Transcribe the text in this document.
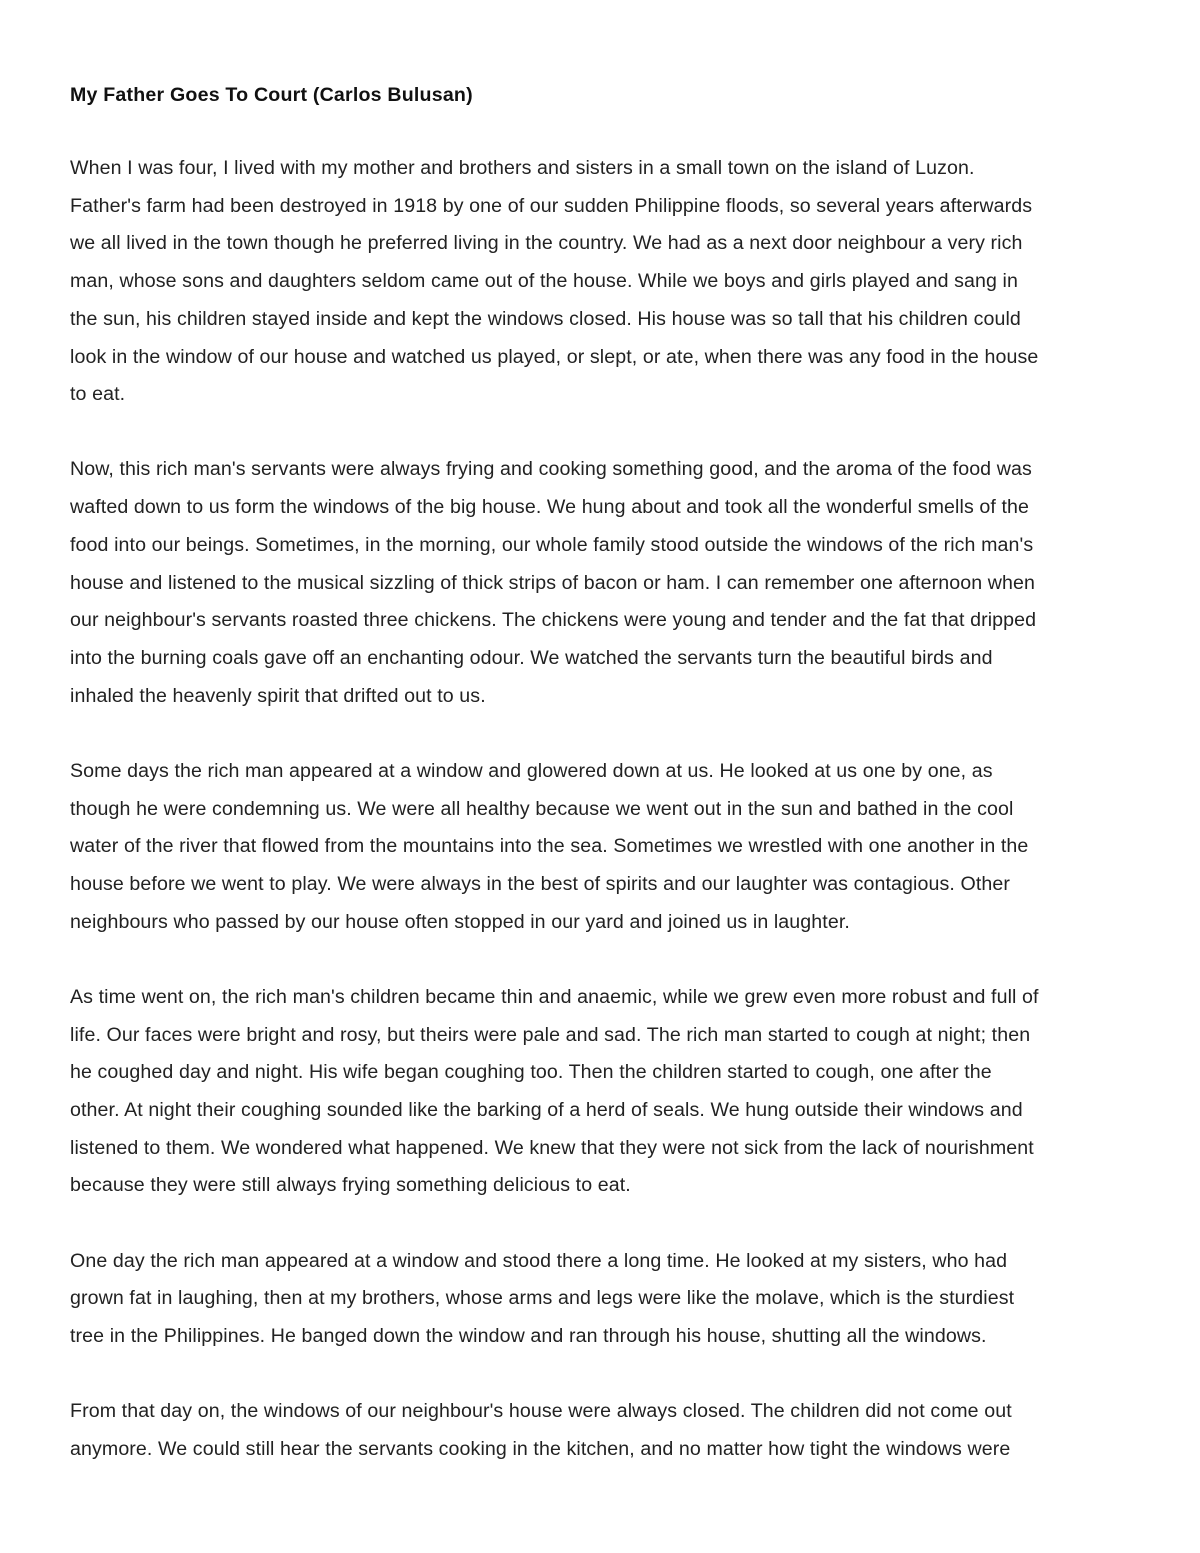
My Father Goes To Court (Carlos Bulusan)
When I was four, I lived with my mother and brothers and sisters in a small town on the island of Luzon.
Father's farm had been destroyed in 1918 by one of our sudden Philippine floods, so several years afterwards
we all lived in the town though he preferred living in the country. We had as a next door neighbour a very rich
man, whose sons and daughters seldom came out of the house. While we boys and girls played and sang in
the sun, his children stayed inside and kept the windows closed. His house was so tall that his children could
look in the window of our house and watched us played, or slept, or ate, when there was any food in the house
to eat.
Now, this rich man's servants were always frying and cooking something good, and the aroma of the food was
wafted down to us form the windows of the big house. We hung about and took all the wonderful smells of the
food into our beings. Sometimes, in the morning, our whole family stood outside the windows of the rich man's
house and listened to the musical sizzling of thick strips of bacon or ham. I can remember one afternoon when
our neighbour's servants roasted three chickens. The chickens were young and tender and the fat that dripped
into the burning coals gave off an enchanting odour. We watched the servants turn the beautiful birds and
inhaled the heavenly spirit that drifted out to us.
Some days the rich man appeared at a window and glowered down at us. He looked at us one by one, as
though he were condemning us. We were all healthy because we went out in the sun and bathed in the cool
water of the river that flowed from the mountains into the sea. Sometimes we wrestled with one another in the
house before we went to play. We were always in the best of spirits and our laughter was contagious. Other
neighbours who passed by our house often stopped in our yard and joined us in laughter.
As time went on, the rich man's children became thin and anaemic, while we grew even more robust and full of
life. Our faces were bright and rosy, but theirs were pale and sad. The rich man started to cough at night; then
he coughed day and night. His wife began coughing too. Then the children started to cough, one after the
other. At night their coughing sounded like the barking of a herd of seals. We hung outside their windows and
listened to them. We wondered what happened. We knew that they were not sick from the lack of nourishment
because they were still always frying something delicious to eat.
One day the rich man appeared at a window and stood there a long time. He looked at my sisters, who had
grown fat in laughing, then at my brothers, whose arms and legs were like the molave, which is the sturdiest
tree in the Philippines. He banged down the window and ran through his house, shutting all the windows.
From that day on, the windows of our neighbour's house were always closed. The children did not come out
anymore. We could still hear the servants cooking in the kitchen, and no matter how tight the windows were
